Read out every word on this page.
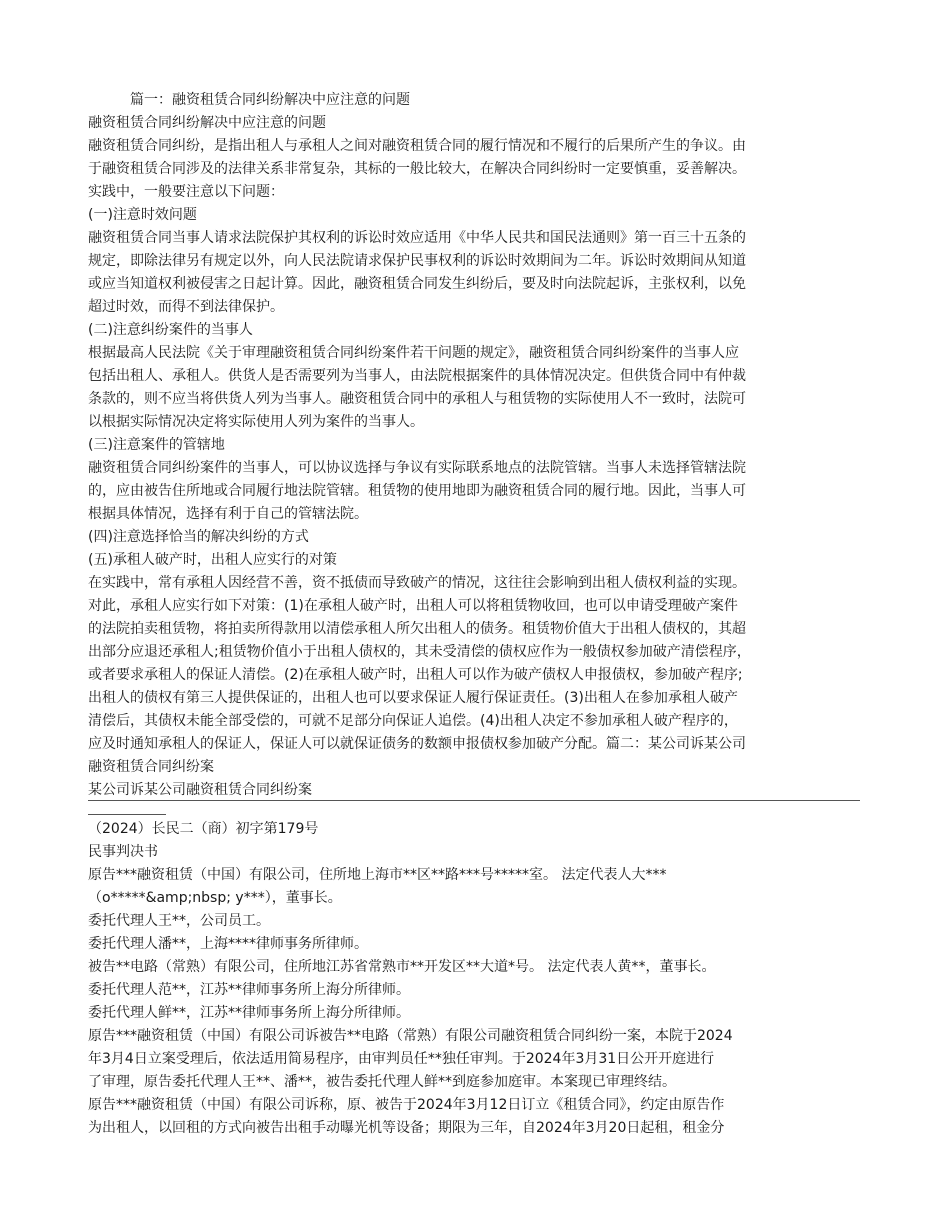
篇一：融资租赁合同纠纷解决中应注意的问题
融资租赁合同纠纷解决中应注意的问题
融资租赁合同纠纷，是指出租人与承租人之间对融资租赁合同的履行情况和不履行的后果所产生的争议。由
于融资租赁合同涉及的法律关系非常复杂，其标的一般比较大，在解决合同纠纷时一定要慎重，妥善解决。
实践中，一般要注意以下问题：
(一)注意时效问题
融资租赁合同当事人请求法院保护其权利的诉讼时效应适用《中华人民共和国民法通则》第一百三十五条的
规定，即除法律另有规定以外，向人民法院请求保护民事权利的诉讼时效期间为二年。诉讼时效期间从知道
或应当知道权利被侵害之日起计算。因此，融资租赁合同发生纠纷后，要及时向法院起诉，主张权利，以免
超过时效，而得不到法律保护。
(二)注意纠纷案件的当事人
根据最高人民法院《关于审理融资租赁合同纠纷案件若干问题的规定》，融资租赁合同纠纷案件的当事人应
包括出租人、承租人。供货人是否需要列为当事人，由法院根据案件的具体情况决定。但供货合同中有仲裁
条款的，则不应当将供货人列为当事人。融资租赁合同中的承租人与租赁物的实际使用人不一致时，法院可
以根据实际情况决定将实际使用人列为案件的当事人。
(三)注意案件的管辖地
融资租赁合同纠纷案件的当事人，可以协议选择与争议有实际联系地点的法院管辖。当事人未选择管辖法院
的，应由被告住所地或合同履行地法院管辖。租赁物的使用地即为融资租赁合同的履行地。因此，当事人可
根据具体情况，选择有利于自己的管辖法院。
(四)注意选择恰当的解决纠纷的方式
(五)承租人破产时，出租人应实行的对策
在实践中，常有承租人因经营不善，资不抵债而导致破产的情况，这往往会影响到出租人债权利益的实现。
对此，承租人应实行如下对策：(1)在承租人破产时，出租人可以将租赁物收回，也可以申请受理破产案件
的法院拍卖租赁物，将拍卖所得款用以清偿承租人所欠出租人的债务。租赁物价值大于出租人债权的，其超
出部分应退还承租人;租赁物价值小于出租人债权的，其未受清偿的债权应作为一般债权参加破产清偿程序，
或者要求承租人的保证人清偿。(2)在承租人破产时，出租人可以作为破产债权人申报债权，参加破产程序;
出租人的债权有第三人提供保证的，出租人也可以要求保证人履行保证责任。(3)出租人在参加承租人破产
清偿后，其债权未能全部受偿的，可就不足部分向保证人追偿。(4)出租人决定不参加承租人破产程序的，
应及时通知承租人的保证人，保证人可以就保证债务的数额申报债权参加破产分配。篇二：某公司诉某公司
融资租赁合同纠纷案
某公司诉某公司融资租赁合同纠纷案
（2024）长民二（商）初字第179号
民事判决书
原告***融资租赁（中国）有限公司，住所地上海市**区**路***号*****室。 法定代表人大***
（o*****&amp;nbsp; y***），董事长。
委托代理人王**，公司员工。
委托代理人潘**，上海****律师事务所律师。
被告**电路（常熟）有限公司，住所地江苏省常熟市**开发区**大道*号。 法定代表人黄**，董事长。
委托代理人范**，江苏**律师事务所上海分所律师。
委托代理人鲜**，江苏**律师事务所上海分所律师。
原告***融资租赁（中国）有限公司诉被告**电路（常熟）有限公司融资租赁合同纠纷一案，本院于2024
年3月4日立案受理后，依法适用简易程序，由审判员任**独任审判。于2024年3月31日公开开庭进行
了审理，原告委托代理人王**、潘**，被告委托代理人鲜**到庭参加庭审。本案现已审理终结。
原告***融资租赁（中国）有限公司诉称，原、被告于2024年3月12日订立《租赁合同》，约定由原告作
为出租人，以回租的方式向被告出租手动曝光机等设备；期限为三年，自2024年3月20日起租，租金分
